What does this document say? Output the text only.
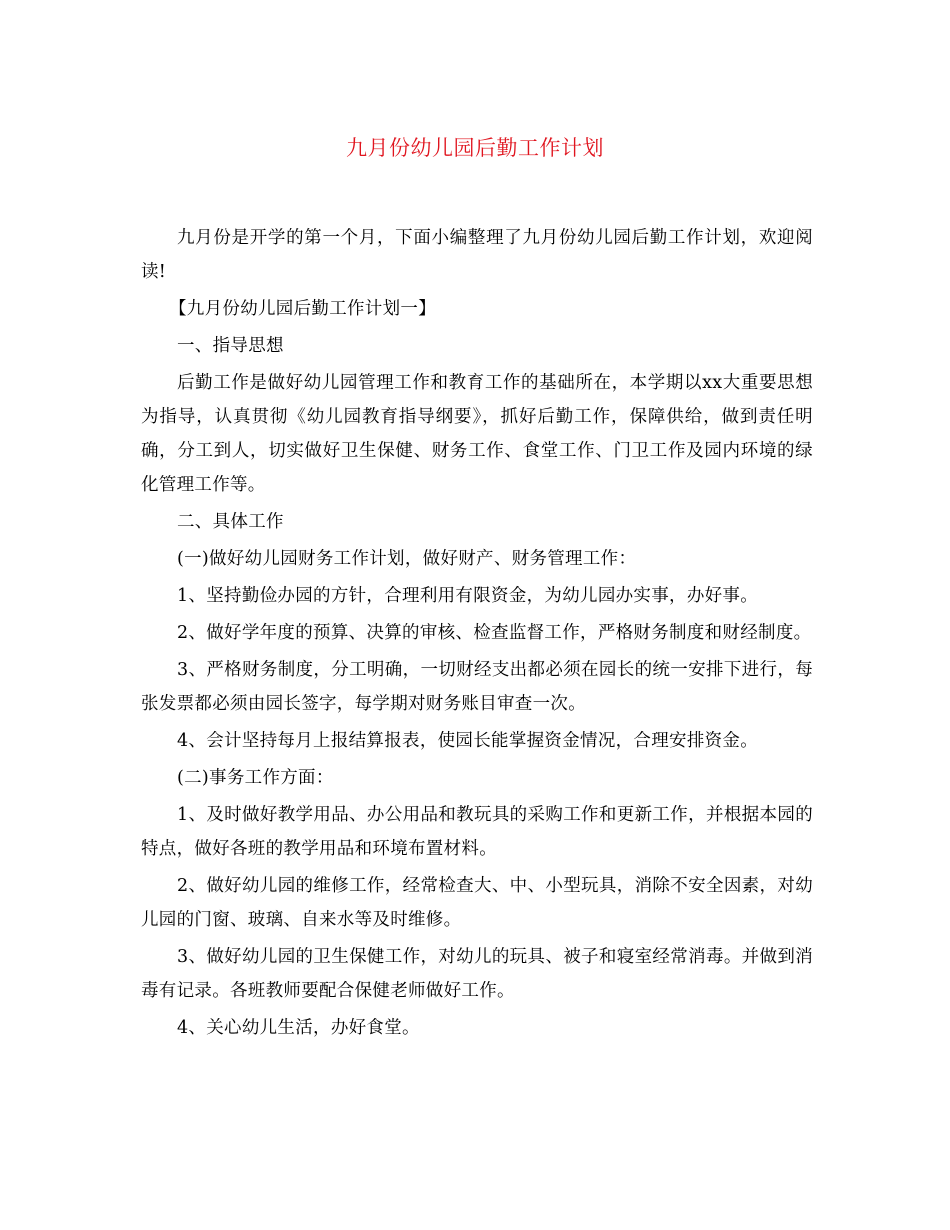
九月份幼儿园后勤工作计划

九月份是开学的第一个月，下面小编整理了九月份幼儿园后勤工作计划，欢迎阅读!

【九月份幼儿园后勤工作计划一】

一、指导思想

后勤工作是做好幼儿园管理工作和教育工作的基础所在，本学期以xx大重要思想为指导，认真贯彻《幼儿园教育指导纲要》，抓好后勤工作，保障供给，做到责任明确，分工到人，切实做好卫生保健、财务工作、食堂工作、门卫工作及园内环境的绿化管理工作等。

二、具体工作

(一)做好幼儿园财务工作计划，做好财产、财务管理工作：

1、坚持勤俭办园的方针，合理利用有限资金，为幼儿园办实事，办好事。

2、做好学年度的预算、决算的审核、检查监督工作，严格财务制度和财经制度。

3、严格财务制度，分工明确，一切财经支出都必须在园长的统一安排下进行，每张发票都必须由园长签字，每学期对财务账目审查一次。

4、会计坚持每月上报结算报表，使园长能掌握资金情况，合理安排资金。

(二)事务工作方面：

1、及时做好教学用品、办公用品和教玩具的采购工作和更新工作，并根据本园的特点，做好各班的教学用品和环境布置材料。

2、做好幼儿园的维修工作，经常检查大、中、小型玩具，消除不安全因素，对幼儿园的门窗、玻璃、自来水等及时维修。

3、做好幼儿园的卫生保健工作，对幼儿的玩具、被子和寝室经常消毒。并做到消毒有记录。各班教师要配合保健老师做好工作。

4、关心幼儿生活，办好食堂。
